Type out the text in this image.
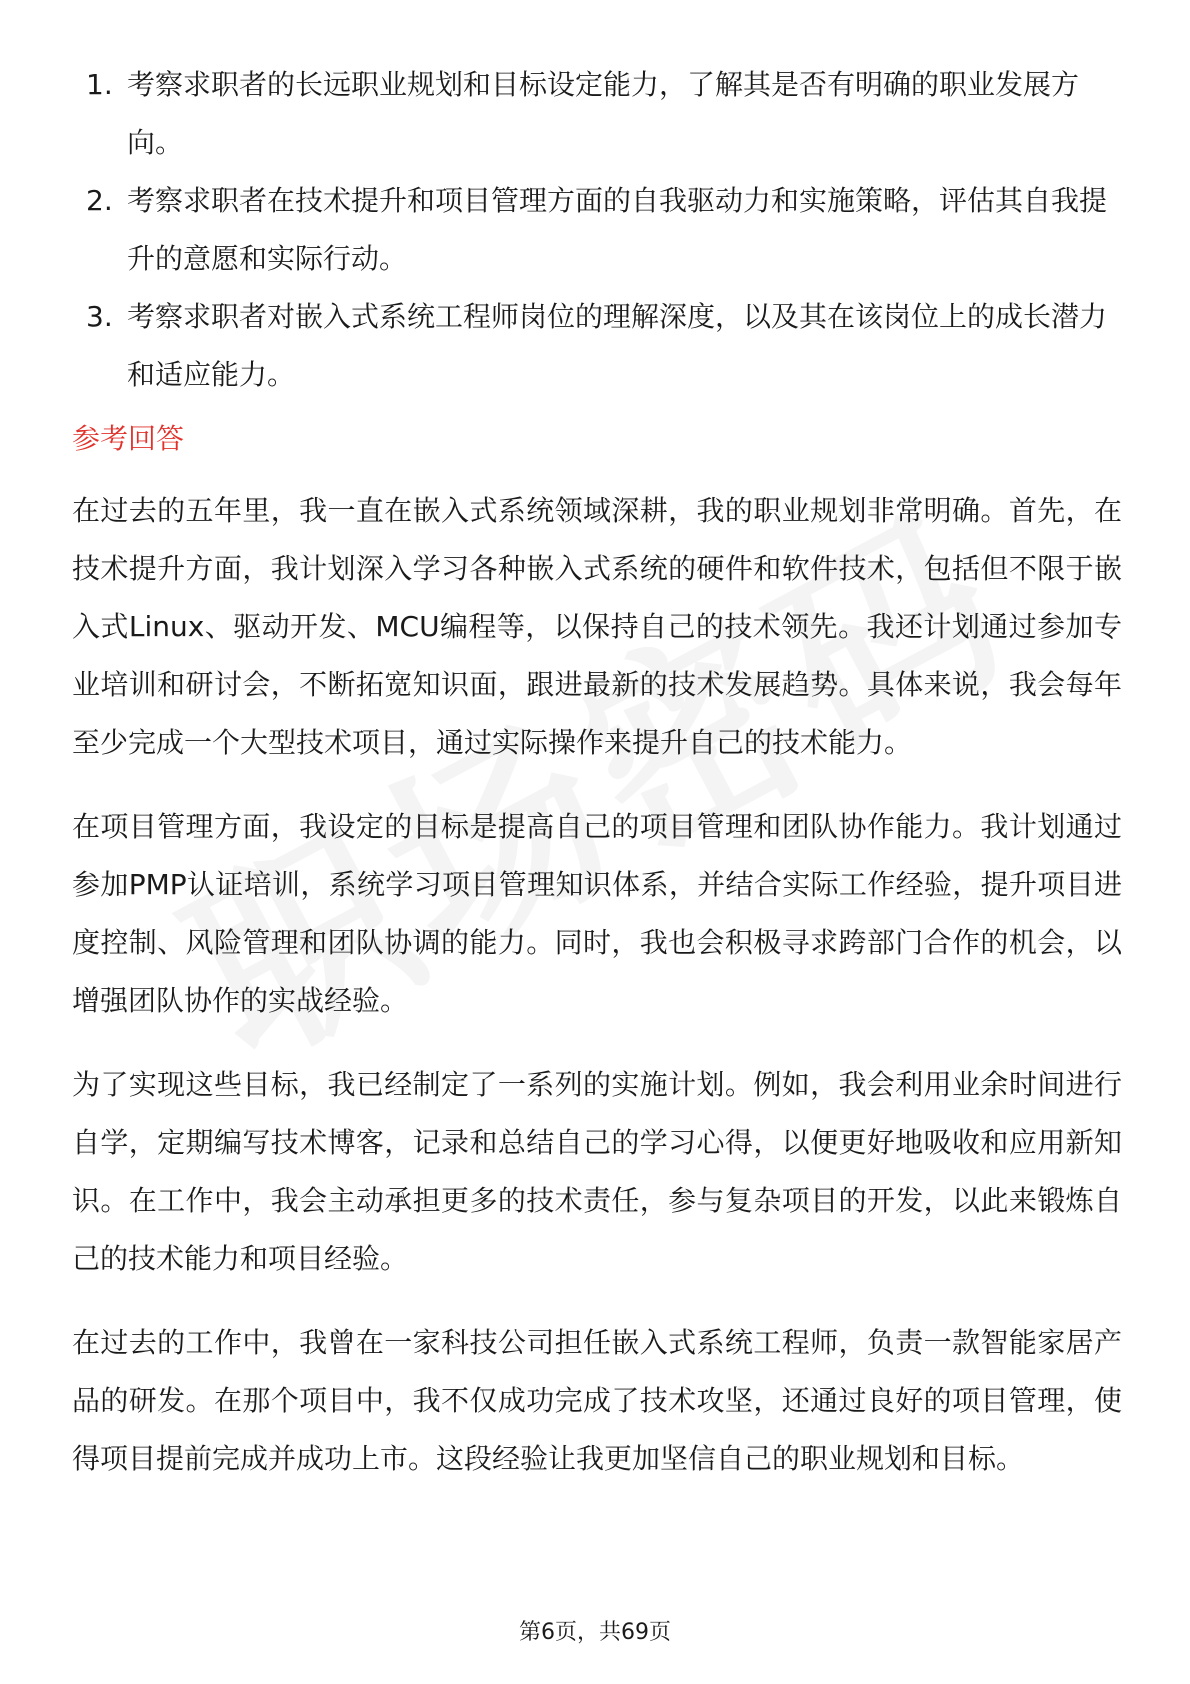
1. 考察求职者的长远职业规划和目标设定能力，了解其是否有明确的职业发展方向。
2. 考察求职者在技术提升和项目管理方面的自我驱动力和实施策略，评估其自我提升的意愿和实际行动。
3. 考察求职者对嵌入式系统工程师岗位的理解深度，以及其在该岗位上的成长潜力和适应能力。
参考回答

在过去的五年里，我一直在嵌入式系统领域深耕，我的职业规划非常明确。首先，在技术提升方面，我计划深入学习各种嵌入式系统的硬件和软件技术，包括但不限于嵌入式Linux、驱动开发、MCU编程等，以保持自己的技术领先。我还计划通过参加专业培训和研讨会，不断拓宽知识面，跟进最新的技术发展趋势。具体来说，我会每年至少完成一个大型技术项目，通过实际操作来提升自己的技术能力。

在项目管理方面，我设定的目标是提高自己的项目管理和团队协作能力。我计划通过参加PMP认证培训，系统学习项目管理知识体系，并结合实际工作经验，提升项目进度控制、风险管理和团队协调的能力。同时，我也会积极寻求跨部门合作的机会，以增强团队协作的实战经验。

为了实现这些目标，我已经制定了一系列的实施计划。例如，我会利用业余时间进行自学，定期编写技术博客，记录和总结自己的学习心得，以便更好地吸收和应用新知识。在工作中，我会主动承担更多的技术责任，参与复杂项目的开发，以此来锻炼自己的技术能力和项目经验。

在过去的工作中，我曾在一家科技公司担任嵌入式系统工程师，负责一款智能家居产品的研发。在那个项目中，我不仅成功完成了技术攻坚，还通过良好的项目管理，使得项目提前完成并成功上市。这段经验让我更加坚信自己的职业规划和目标。

第6页，共69页
